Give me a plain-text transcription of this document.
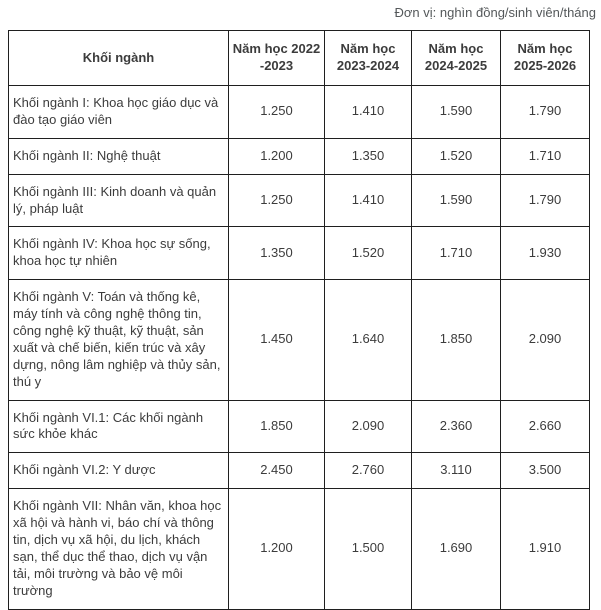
Đơn vị: nghìn đồng/sinh viên/tháng
Khối ngành	Năm học 2022 -2023	Năm học 2023-2024	Năm học 2024-2025	Năm học 2025-2026
Khối ngành I: Khoa học giáo dục và đào tạo giáo viên	1.250	1.410	1.590	1.790
Khối ngành II: Nghệ thuật	1.200	1.350	1.520	1.710
Khối ngành III: Kinh doanh và quản lý, pháp luật	1.250	1.410	1.590	1.790
Khối ngành IV: Khoa học sự sống, khoa học tự nhiên	1.350	1.520	1.710	1.930
Khối ngành V: Toán và thống kê, máy tính và công nghệ thông tin, công nghệ kỹ thuật, kỹ thuật, sản xuất và chế biến, kiến trúc và xây dựng, nông lâm nghiệp và thủy sản, thú y	1.450	1.640	1.850	2.090
Khối ngành VI.1: Các khối ngành sức khỏe khác	1.850	2.090	2.360	2.660
Khối ngành VI.2: Y dược	2.450	2.760	3.110	3.500
Khối ngành VII: Nhân văn, khoa học xã hội và hành vi, báo chí và thông tin, dịch vụ xã hội, du lịch, khách sạn, thể dục thể thao, dịch vụ vận tải, môi trường và bảo vệ môi trường	1.200	1.500	1.690	1.910
